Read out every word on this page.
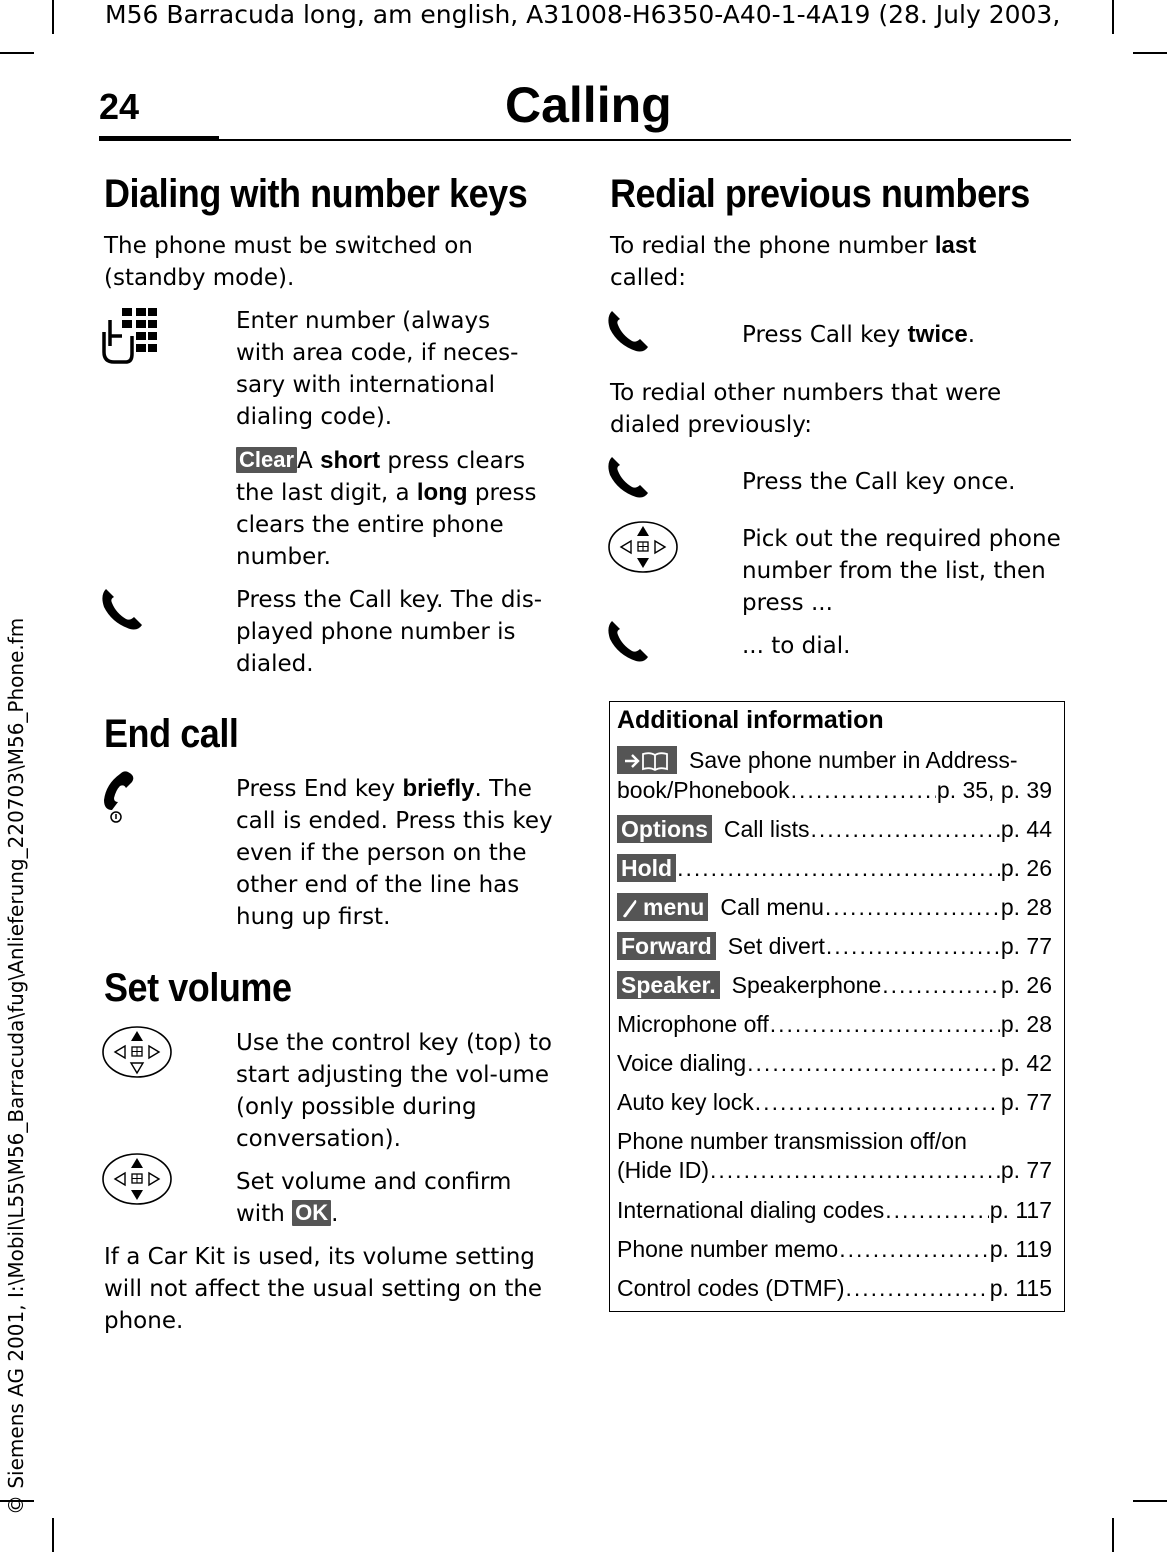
M56 Barracuda long, am english, A31008-H6350-A40-1-4A19 (28. July 2003,
© Siemens AG 2001, I:\Mobil\L55\M56_Barracuda\fug\Anlieferung_220703\M56_Phone.fm
24	Calling
Dialing with number keys

The phone must be switched on (standby mode).

Enter number (always with area code, if neces-sary with international dialing code).

Clear A short press clears the last digit, a long press clears the entire phone number.

Press the Call key. The dis-played phone number is dialed.

End call

Press End key briefly. The call is ended. Press this key even if the person on the other end of the line has hung up first.

Set volume

Use the control key (top) to start adjusting the vol-ume (only possible during conversation).

Set volume and confirm with OK .

If a Car Kit is used, its volume setting will not affect the usual setting on the phone.

Redial previous numbers

To redial the phone number last called:

Press Call key twice.

To redial other numbers that were dialed previously:

Press the Call key once.

Pick out the required phone number from the list, then press ...

... to dial.

Additional information
Save phone number in Address-
book/Phonebook .....	p. 35, p. 39
Options Call lists .....	p. 44
Hold .....	p. 26
menu Call menu .....	p. 28
Forward Set divert .....	p. 77
Speaker. Speakerphone .....	p. 26
Microphone off .....	p. 28
Voice dialing .....	p. 42
Auto key lock .....	p. 77
Phone number transmission off/on
(Hide ID) .....	p. 77
International dialing codes .....	p. 117
Phone number memo .....	p. 119
Control codes (DTMF) .....	p. 115
